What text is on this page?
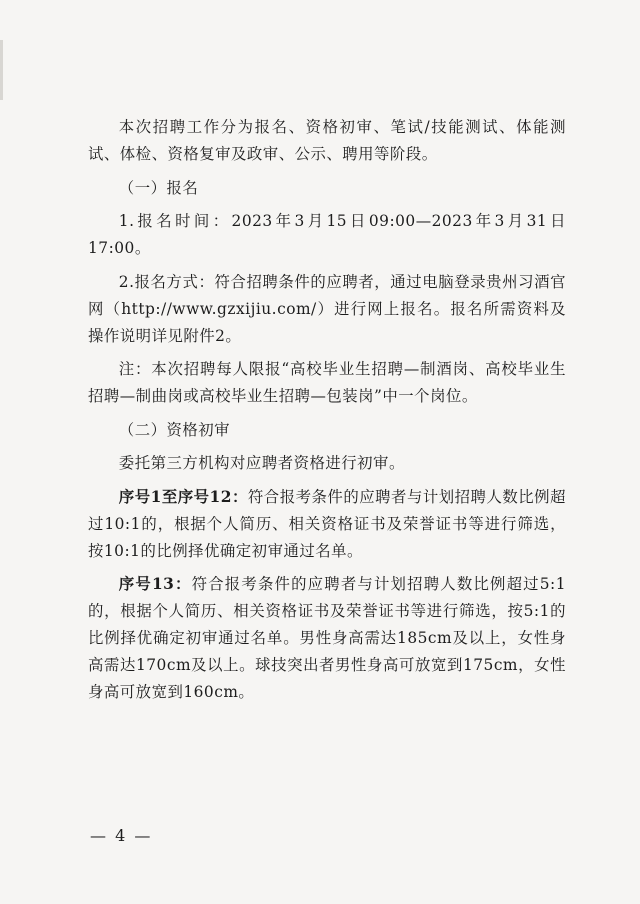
本次招聘工作分为报名、资格初审、笔试/技能测试、体能测试、体检、资格复审及政审、公示、聘用等阶段。

（一）报名

1.报名时间：2023年3月15日09:00—2023年3月31日17:00。

2.报名方式：符合招聘条件的应聘者，通过电脑登录贵州习酒官网（http://www.gzxijiu.com/）进行网上报名。报名所需资料及操作说明详见附件2。

注：本次招聘每人限报“高校毕业生招聘—制酒岗、高校毕业生招聘—制曲岗或高校毕业生招聘—包装岗”中一个岗位。

（二）资格初审

委托第三方机构对应聘者资格进行初审。

序号1至序号12：符合报考条件的应聘者与计划招聘人数比例超过10:1的，根据个人简历、相关资格证书及荣誉证书等进行筛选，按10:1的比例择优确定初审通过名单。

序号13：符合报考条件的应聘者与计划招聘人数比例超过5:1的，根据个人简历、相关资格证书及荣誉证书等进行筛选，按5:1的比例择优确定初审通过名单。男性身高需达185cm及以上，女性身高需达170cm及以上。球技突出者男性身高可放宽到175cm，女性身高可放宽到160cm。

— 4 —
